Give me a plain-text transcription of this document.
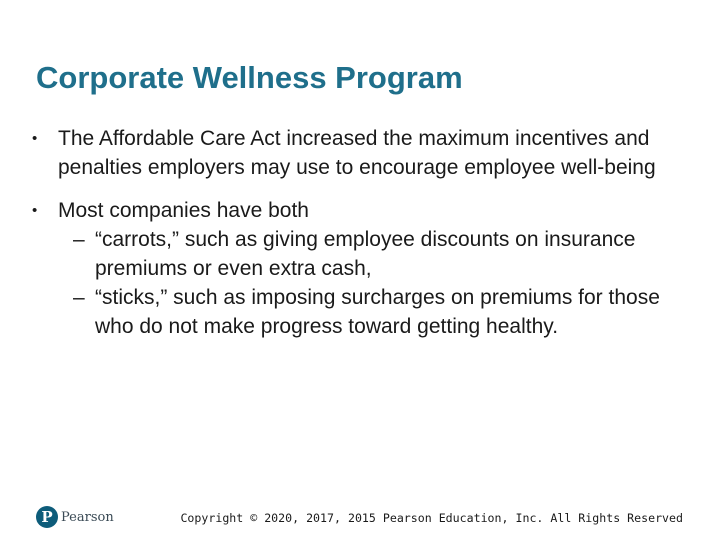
Corporate Wellness Program
• The Affordable Care Act increased the maximum incentives and penalties employers may use to encourage employee well-being
• Most companies have both
– “carrots,” such as giving employee discounts on insurance premiums or even extra cash,
– “sticks,” such as imposing surcharges on premiums for those who do not make progress toward getting healthy.
P Pearson	Copyright © 2020, 2017, 2015 Pearson Education, Inc. All Rights Reserved
